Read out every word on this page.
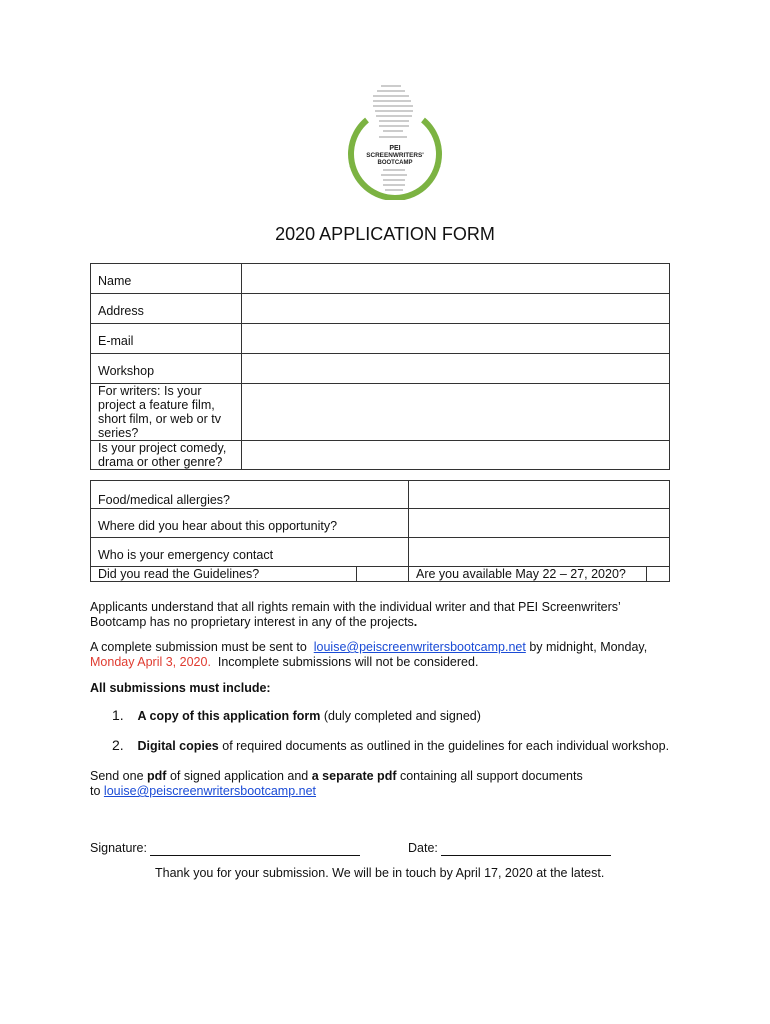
PEI
SCREENWRITERS'
BOOTCAMP
2020 APPLICATION FORM
Name	
Address	
E-mail	
Workshop	

For writers: Is your project a feature film, short film, or web or tv series?	

Is your project comedy, drama or other genre?	

Food/medical allergies?			
Where did you hear about this opportunity?			
Who is your emergency contact			
Did you read the Guidelines?		Are you available May 22 – 27, 2020?	
Applicants understand that all rights remain with the individual writer and that PEI Screenwriters’
Bootcamp has no proprietary interest in any of the projects.
A complete submission must be sent to louise@peiscreenwritersbootcamp.net by midnight, Monday,
Monday April 3, 2020. Incomplete submissions will not be considered.
All submissions must include:
1. A copy of this application form (duly completed and signed)
2. Digital copies of required documents as outlined in the guidelines for each individual workshop.
Send one pdf of signed application and a separate pdf containing all support documents
to louise@peiscreenwritersbootcamp.net
Signature:	Date:
Thank you for your submission. We will be in touch by April 17, 2020 at the latest.
